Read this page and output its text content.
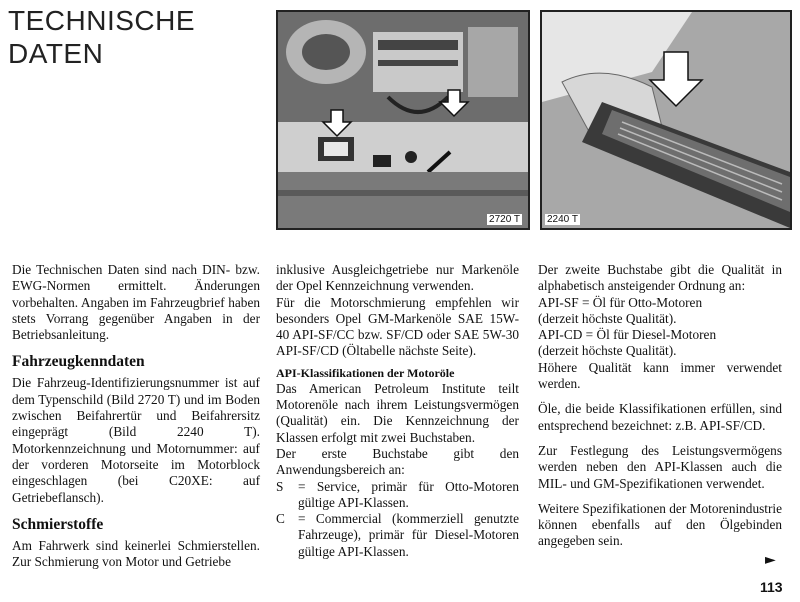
TECHNISCHE
DATEN
2720 T	2240 T

Die Technischen Daten sind nach DIN- bzw. EWG-Normen ermittelt. Änderungen vorbehalten. Angaben im Fahrzeugbrief haben stets Vorrang gegenüber Angaben in der Betriebsanleitung.

Fahrzeugkenndaten

Die Fahrzeug-Identifizierungsnummer ist auf dem Typenschild (Bild 2720 T) und im Boden zwischen Beifahrertür und Beifahrersitz eingeprägt (Bild 2240 T). Motorkennzeichnung und Motornummer: auf der vorderen Motorseite im Motorblock eingeschlagen (bei C20XE: auf Getriebeflansch).

Schmierstoffe

Am Fahrwerk sind keinerlei Schmierstellen. Zur Schmierung von Motor und Getriebe

inklusive Ausgleichgetriebe nur Markenöle der Opel Kennzeichnung verwenden.

Für die Motorschmierung empfehlen wir besonders Opel GM-Markenöle SAE 15W-40 API-SF/CC bzw. SF/CD oder SAE 5W-30 API-SF/CD (Öltabelle nächste Seite).

API-Klassifikationen der Motoröle

Das American Petroleum Institute teilt Motorenöle nach ihrem Leistungsvermögen (Qualität) ein. Die Kennzeichnung der Klassen erfolgt mit zwei Buchstaben.

Der erste Buchstabe gibt den Anwendungsbereich an:

S	= Service, primär für Otto-Motoren gültige API-Klassen.
C = Commercial (kommerziell genutzte Fahrzeuge), primär für Diesel-Motoren gültige API-Klassen.

Der zweite Buchstabe gibt die Qualität in alphabetisch ansteigender Ordnung an:

API-SF = Öl für Otto-Motoren

(derzeit höchste Qualität).

API-CD = Öl für Diesel-Motoren

(derzeit höchste Qualität).

Höhere Qualität kann immer verwendet werden.

Öle, die beide Klassifikationen erfüllen, sind entsprechend bezeichnet: z.B. API-SF/CD.

Zur Festlegung des Leistungsvermögens werden neben den API-Klassen auch die MIL- und GM-Spezifikationen verwendet.

Weitere Spezifikationen der Motorenindustrie können ebenfalls auf den Ölgebinden angegeben sein.

►
113
